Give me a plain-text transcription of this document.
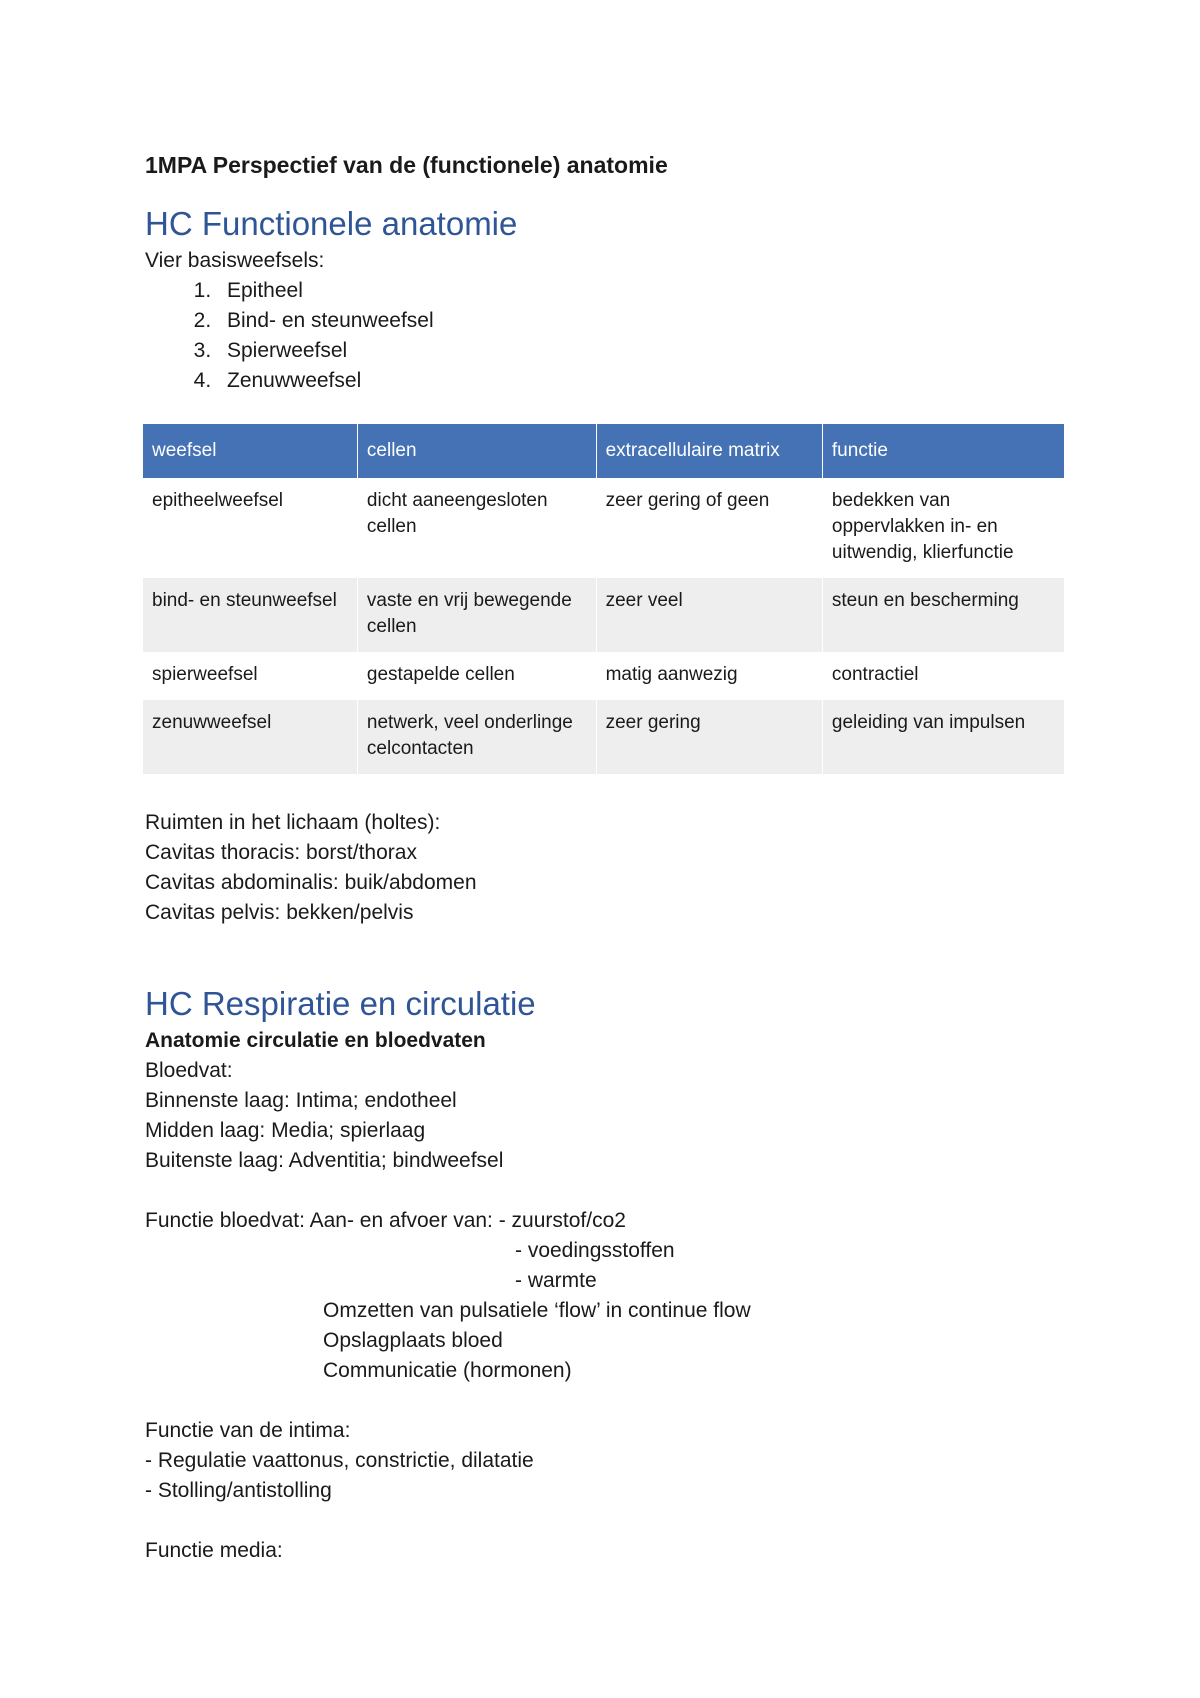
1MPA Perspectief van de (functionele) anatomie

HC Functionele anatomie

Vier basisweefsels:

1. Epitheel
2. Bind- en steunweefsel
3. Spierweefsel
4. Zenuwweefsel
weefsel	cellen	extracellulaire matrix	functie
epitheelweefsel	dicht aaneengesloten cellen	zeer gering of geen	bedekken van oppervlakken in- en uitwendig, klierfunctie
bind- en steunweefsel	vaste en vrij bewegende cellen	zeer veel	steun en bescherming
spierweefsel	gestapelde cellen	matig aanwezig	contractiel
zenuwweefsel	netwerk, veel onderlinge celcontacten	zeer gering	geleiding van impulsen

Ruimten in het lichaam (holtes):

Cavitas thoracis: borst/thorax

Cavitas abdominalis: buik/abdomen

Cavitas pelvis: bekken/pelvis

HC Respiratie en circulatie

Anatomie circulatie en bloedvaten

Bloedvat:

Binnenste laag: Intima; endotheel

Midden laag: Media; spierlaag

Buitenste laag: Adventitia; bindweefsel

Functie bloedvat: Aan- en afvoer van: - zuurstof/co2

- voedingsstoffen

- warmte

Omzetten van pulsatiele ‘flow’ in continue flow

Opslagplaats bloed

Communicatie (hormonen)

Functie van de intima:

- Regulatie vaattonus, constrictie, dilatatie

- Stolling/antistolling

Functie media:
